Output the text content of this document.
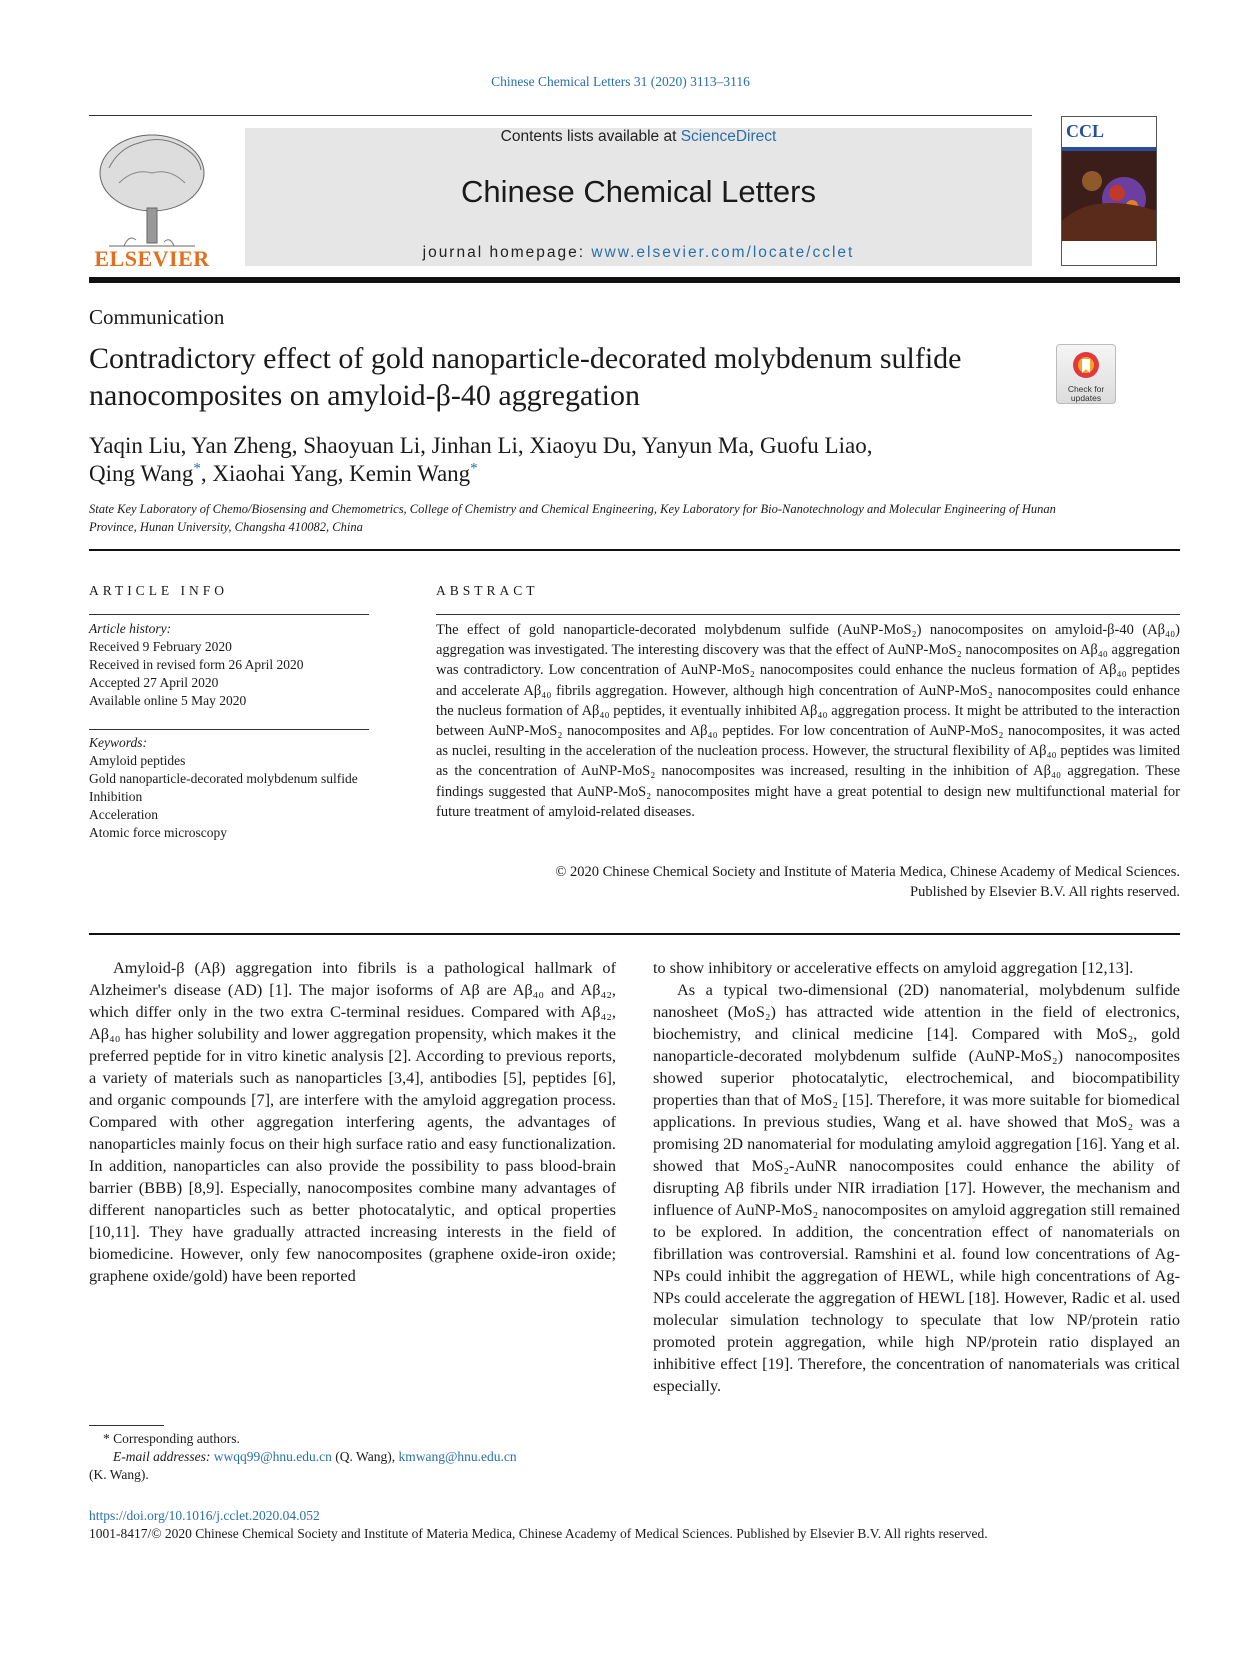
Chinese Chemical Letters 31 (2020) 3113–3116
ELSEVIER
Contents lists available at ScienceDirect
Chinese Chemical Letters
journal homepage: www.elsevier.com/locate/cclet
CCL
Communication
Contradictory effect of gold nanoparticle-decorated molybdenum sulfide nanocomposites on amyloid-β-40 aggregation	Check for updates
Yaqin Liu, Yan Zheng, Shaoyuan Li, Jinhan Li, Xiaoyu Du, Yanyun Ma, Guofu Liao,
Qing Wang*, Xiaohai Yang, Kemin Wang*
State Key Laboratory of Chemo/Biosensing and Chemometrics, College of Chemistry and Chemical Engineering, Key Laboratory for Bio-Nanotechnology and Molecular Engineering of Hunan Province, Hunan University, Changsha 410082, China
ARTICLE INFO
Article history:
Received 9 February 2020
Received in revised form 26 April 2020
Accepted 27 April 2020
Available online 5 May 2020
Keywords:
Amyloid peptides
Gold nanoparticle-decorated molybdenum sulfide
Inhibition
Acceleration
Atomic force microscopy
ABSTRACT
The effect of gold nanoparticle-decorated molybdenum sulfide (AuNP-MoS₂) nanocomposites on amyloid-β-40 (Aβ₄₀) aggregation was investigated. The interesting discovery was that the effect of AuNP-MoS₂ nanocomposites on Aβ₄₀ aggregation was contradictory. Low concentration of AuNP-MoS₂ nanocomposites could enhance the nucleus formation of Aβ₄₀ peptides and accelerate Aβ₄₀ fibrils aggregation. However, although high concentration of AuNP-MoS₂ nanocomposites could enhance the nucleus formation of Aβ₄₀ peptides, it eventually inhibited Aβ₄₀ aggregation process. It might be attributed to the interaction between AuNP-MoS₂ nanocomposites and Aβ₄₀ peptides. For low concentration of AuNP-MoS₂ nanocomposites, it was acted as nuclei, resulting in the acceleration of the nucleation process. However, the structural flexibility of Aβ₄₀ peptides was limited as the concentration of AuNP-MoS₂ nanocomposites was increased, resulting in the inhibition of Aβ₄₀ aggregation. These findings suggested that AuNP-MoS₂ nanocomposites might have a great potential to design new multifunctional material for future treatment of amyloid-related diseases.
© 2020 Chinese Chemical Society and Institute of Materia Medica, Chinese Academy of Medical Sciences.
Published by Elsevier B.V. All rights reserved.

Amyloid-β (Aβ) aggregation into fibrils is a pathological hallmark of Alzheimer's disease (AD) [1]. The major isoforms of Aβ are Aβ₄₀ and Aβ₄₂, which differ only in the two extra C-terminal residues. Compared with Aβ₄₂, Aβ₄₀ has higher solubility and lower aggregation propensity, which makes it the preferred peptide for in vitro kinetic analysis [2]. According to previous reports, a variety of materials such as nanoparticles [3,4], antibodies [5], peptides [6], and organic compounds [7], are interfere with the amyloid aggregation process. Compared with other aggregation interfering agents, the advantages of nanoparticles mainly focus on their high surface ratio and easy functionalization. In addition, nanoparticles can also provide the possibility to pass blood-brain barrier (BBB) [8,9]. Especially, nanocomposites combine many advantages of different nanoparticles such as better photocatalytic, and optical properties [10,11]. They have gradually attracted increasing interests in the field of biomedicine. However, only few nanocomposites (graphene oxide-iron oxide; graphene oxide/gold) have been reported

to show inhibitory or accelerative effects on amyloid aggregation [12,13].

As a typical two-dimensional (2D) nanomaterial, molybdenum sulfide nanosheet (MoS₂) has attracted wide attention in the field of electronics, biochemistry, and clinical medicine [14]. Compared with MoS₂, gold nanoparticle-decorated molybdenum sulfide (AuNP-MoS₂) nanocomposites showed superior photocatalytic, electrochemical, and biocompatibility properties than that of MoS₂ [15]. Therefore, it was more suitable for biomedical applications. In previous studies, Wang et al. have showed that MoS₂ was a promising 2D nanomaterial for modulating amyloid aggregation [16]. Yang et al. showed that MoS₂-AuNR nanocomposites could enhance the ability of disrupting Aβ fibrils under NIR irradiation [17]. However, the mechanism and influence of AuNP-MoS₂ nanocomposites on amyloid aggregation still remained to be explored. In addition, the concentration effect of nanomaterials on fibrillation was controversial. Ramshini et al. found low concentrations of Ag-NPs could inhibit the aggregation of HEWL, while high concentrations of Ag-NPs could accelerate the aggregation of HEWL [18]. However, Radic et al. used molecular simulation technology to speculate that low NP/protein ratio promoted protein aggregation, while high NP/protein ratio displayed an inhibitive effect [19]. Therefore, the concentration of nanomaterials was critical especially.

* Corresponding authors.
E-mail addresses: wwqq99@hnu.edu.cn (Q. Wang), kmwang@hnu.edu.cn
(K. Wang).
https://doi.org/10.1016/j.cclet.2020.04.052
1001-8417/© 2020 Chinese Chemical Society and Institute of Materia Medica, Chinese Academy of Medical Sciences. Published by Elsevier B.V. All rights reserved.
